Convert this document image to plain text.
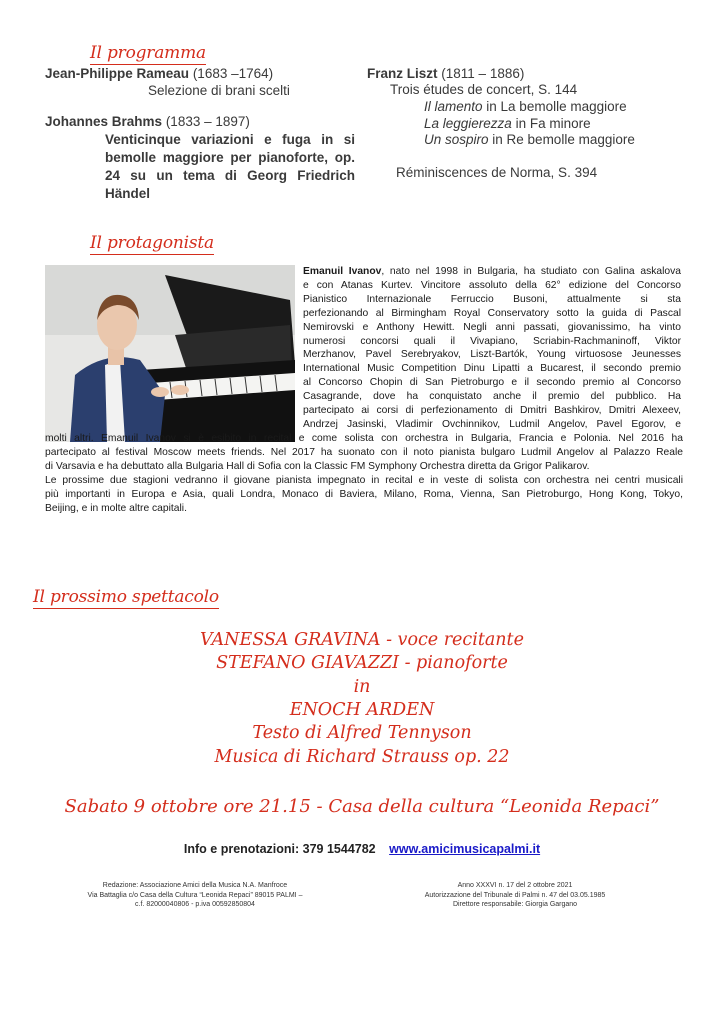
Il programma
Jean-Philippe Rameau (1683 –1764)
Selezione di brani scelti
Johannes Brahms (1833 – 1897)
Venticinque variazioni e fuga in si bemolle maggiore per pianoforte, op. 24 su un tema di Georg Friedrich Händel
Franz Liszt (1811 – 1886)
Trois études de concert, S. 144
Il lamento in La bemolle maggiore
La leggierezza in Fa minore
Un sospiro in Re bemolle maggiore
Réminiscences de Norma, S. 394
Il protagonista
Emanuil Ivanov, nato nel 1998 in Bulgaria, ha studiato con Galina askalova
e con Atanas Kurtev. Vincitore assoluto della 62° edizione del Concorso
Pianistico Internazionale Ferruccio Busoni, attualmente si sta
perfezionando al Birmingham Royal Conservatory sotto la guida di Pascal
Nemirovski e Anthony Hewitt. Negli anni passati, giovanissimo, ha vinto
numerosi concorsi quali il Vivapiano, Scriabin-Rachmaninoff, Viktor
Merzhanov, Pavel Serebryakov, Liszt-Bartók, Young virtuosose Jeunesses
International Music Competition Dinu Lipatti a Bucarest, il secondo premio
al Concorso Chopin di San Pietroburgo e il secondo premio al Concorso
Casagrande, dove ha conquistato anche il premio del pubblico. Ha
partecipato ai corsi di perfezionamento di Dmitri Bashkirov, Dmitri Alexeev,
Andrzej Jasinski, Vladimir Ovchinnikov, Ludmil Angelov, Pavel Egorov, e
molti altri. Emanuil Ivanov si è esibito in recital e come solista con orchestra in Bulgaria, Francia e Polonia. Nel 2016 ha
partecipato al festival Moscow meets friends. Nel 2017 ha suonato con il noto pianista bulgaro Ludmil Angelov al Palazzo Reale
di Varsavia e ha debuttato alla Bulgaria Hall di Sofia con la Classic FM Symphony Orchestra diretta da Grigor Palikarov.
Le prossime due stagioni vedranno il giovane pianista impegnato in recital e in veste di solista con orchestra nei centri musicali
più importanti in Europa e Asia, quali Londra, Monaco di Baviera, Milano, Roma, Vienna, San Pietroburgo, Hong Kong, Tokyo,
Beijing, e in molte altre capitali.
Il prossimo spettacolo
VANESSA GRAVINA - voce recitante
STEFANO GIAVAZZI - pianoforte
in
ENOCH ARDEN
Testo di Alfred Tennyson
Musica di Richard Strauss op. 22
Sabato 9 ottobre ore 21.15 - Casa della cultura “Leonida Repaci”
Info e prenotazioni: 379 1544782 www.amicimusicapalmi.it
Redazione: Associazione Amici della Musica N.A. Manfroce
Via Battaglia c/o Casa della Cultura “Leonida Repaci” 89015 PALMI –
c.f. 82000040806 - p.iva 00592850804
Anno XXXVI n. 17 del 2 ottobre 2021
Autorizzazione del Tribunale di Palmi n. 47 del 03.05.1985
Direttore responsabile: Giorgia Gargano
